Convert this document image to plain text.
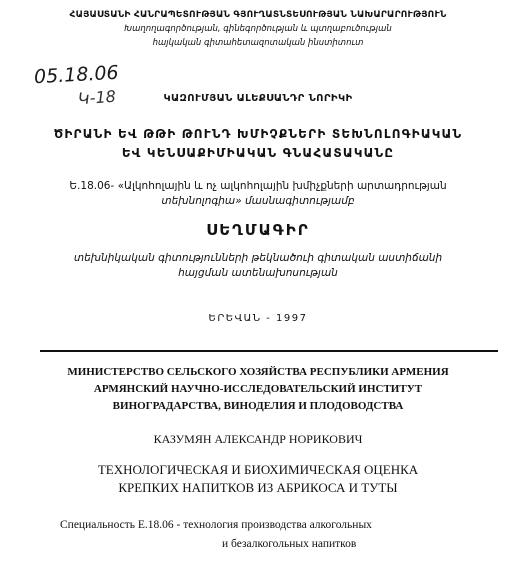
ՀԱՅԱՍՏԱՆԻ ՀԱՆՐԱՊԵՏՈՒԹՅԱՆ ԳՅՈՒՂԱՏՆՏԵՍՈՒԹՅԱՆ ՆԱԽԱՐԱՐՈՒԹՅՈՒՆ
Խաղողագործության, գինեգործության և պտղաբուծության
հայկական գիտահետազոտական ինստիտուտ
05.18.06
Կ-18	ԿԱԶՈՒՄՅԱՆ ԱԼԵՔՍԱՆԴՐ ՆՈՐԻԿԻ
ԾԻՐԱՆԻ ԵՎ ԹԹԻ ԹՈՒՆԴ ԽՄԻՉՔՆԵՐԻ ՏԵԽՆՈԼՈԳԻԱԿԱՆ
ԵՎ ԿԵՆՍԱՔԻՄԻԱԿԱՆ ԳՆԱՀԱՏԱԿԱՆԸ
Ե.18.06- «Ալկոհոլային և ոչ ալկոհոլային խմիչքների արտադրության
տեխնոլոգիա» մասնագիտությամբ
ՍԵՂՄԱԳԻՐ
տեխնիկական գիտությունների թեկնածուի գիտական աստիճանի
հայցման ատենախոսության
ԵՐԵՎԱՆ - 1997
МИНИСТЕРСТВО СЕЛЬСКОГО ХОЗЯЙСТВА РЕСПУБЛИКИ АРМЕНИЯ
АРМЯНСКИЙ НАУЧНО-ИССЛЕДОВАТЕЛЬСКИЙ ИНСТИТУТ
ВИНОГРАДАРСТВА, ВИНОДЕЛИЯ И ПЛОДОВОДСТВА
КАЗУМЯН АЛЕКСАНДР НОРИКОВИЧ
ТЕХНОЛОГИЧЕСКАЯ И БИОХИМИЧЕСКАЯ ОЦЕНКА
КРЕПКИХ НАПИТКОВ ИЗ АБРИКОСА И ТУТЫ
Специальность Е.18.06 - технология производства алкогольных
и безалкогольных напитков
